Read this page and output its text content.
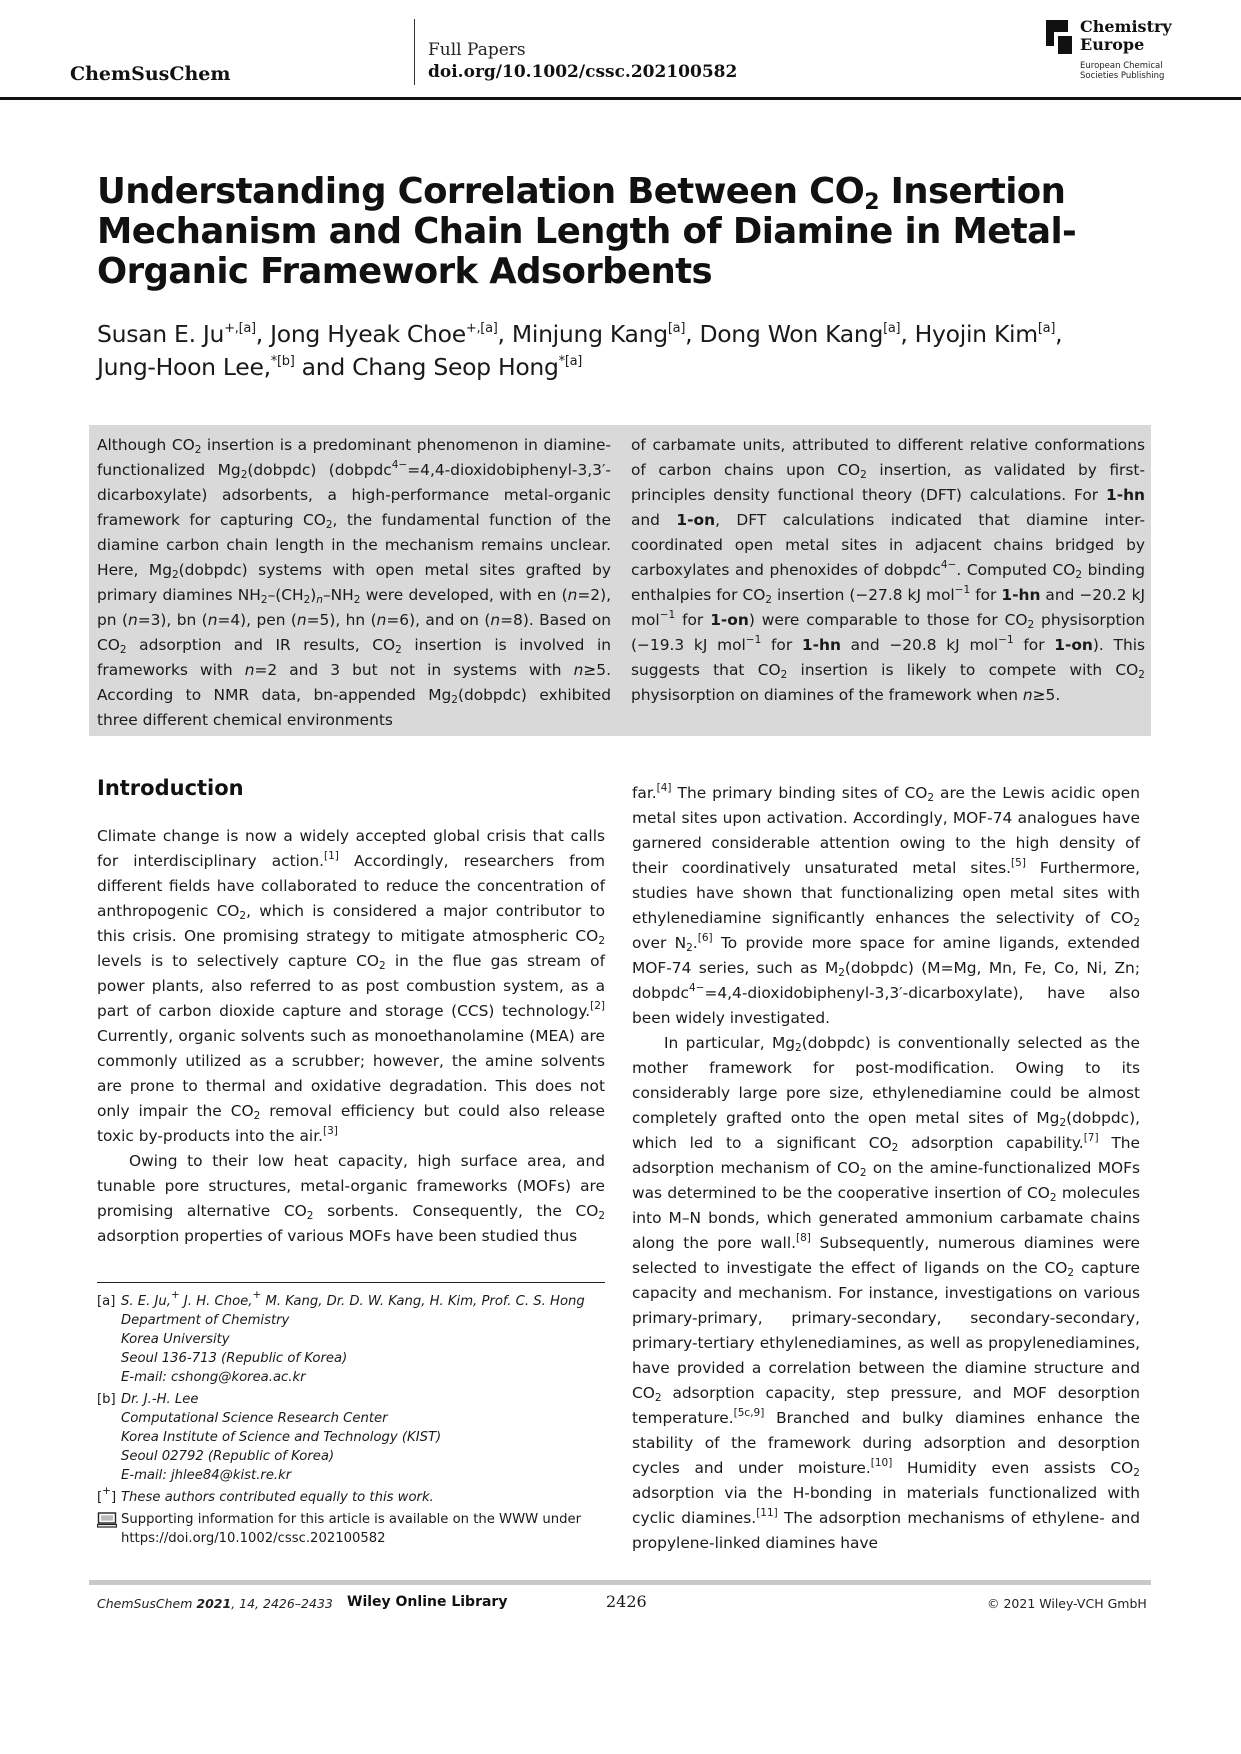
ChemSusChem
Full Papers
doi.org/10.1002/cssc.202100582
Chemistry
Europe
European Chemical
Societies Publishing
Understanding Correlation Between $CO_2$ Insertion Mechanism and Chain Length of Diamine in Metal-Organic Framework Adsorbents
Susan E. $Ju^{+,[a]}$, Jong Hyeak Choe$^{+,[a]}$, Minjung Kang[a], Dong Won Kang[a], Hyojin Kim[a],
Jung-Hoon Lee,$^{*[b]}$ and Chang Seop Hong$^{*[a]}$
Although $CO_2$ insertion is a predominant phenomenon in diamine-functionalized $Mg_2(dobpdc)$ (dobpdc$^{4-}$=4,4-dioxidobiphenyl-3,3′-dicarboxylate) adsorbents, a high-performance metal-organic framework for capturing $CO_2$, the fundamental function of the diamine carbon chain length in the mechanism remains unclear. Here, $Mg_2(dobpdc)$ systems with open metal sites grafted by primary diamines $NH_2-(CH_2)_n-NH_2$ were developed, with en (n=2), pn (n=3), bn (n=4), pen (n=5), hn (n=6), and on (n=8). Based on $CO_2$ adsorption and IR results, $CO_2$ insertion is involved in frameworks with n=2 and 3 but not in systems with n≥5. According to NMR data, bn-appended $Mg_2(dobpdc)$ exhibited three different chemical environments
of carbamate units, attributed to different relative conformations of carbon chains upon $CO_2$ insertion, as validated by first-principles density functional theory (DFT) calculations. For 1-hn and 1-on, DFT calculations indicated that diamine inter-coordinated open metal sites in adjacent chains bridged by carboxylates and phenoxides of dobpdc$^{4-}$. Computed $CO_2$ binding enthalpies for $CO_2$ insertion (−27.8 kJ mol$^{-1}$ for 1-hn and −20.2 kJ mol$^{-1}$ for 1-on) were comparable to those for $CO_2$ physisorption (−19.3 kJ mol$^{-1}$ for 1-hn and −20.8 kJ mol$^{-1}$ for 1-on). This suggests that $CO_2$ insertion is likely to compete with $CO_2$ physisorption on diamines of the framework when n≥5.
Introduction

Climate change is now a widely accepted global crisis that calls for interdisciplinary action.[1] Accordingly, researchers from different fields have collaborated to reduce the concentration of anthropogenic $CO_2$, which is considered a major contributor to this crisis. One promising strategy to mitigate atmospheric $CO_2$ levels is to selectively capture $CO_2$ in the flue gas stream of power plants, also referred to as post combustion system, as a part of carbon dioxide capture and storage (CCS) technology.[2] Currently, organic solvents such as monoethanolamine (MEA) are commonly utilized as a scrubber; however, the amine solvents are prone to thermal and oxidative degradation. This does not only impair the $CO_2$ removal efficiency but could also release toxic by-products into the air.[3]

Owing to their low heat capacity, high surface area, and tunable pore structures, metal-organic frameworks (MOFs) are promising alternative $CO_2$ sorbents. Consequently, the $CO_2$ adsorption properties of various MOFs have been studied thus

far.[4] The primary binding sites of $CO_2$ are the Lewis acidic open metal sites upon activation. Accordingly, MOF-74 analogues have garnered considerable attention owing to the high density of their coordinatively unsaturated metal sites.[5] Furthermore, studies have shown that functionalizing open metal sites with ethylenediamine significantly enhances the selectivity of $CO_2$ over $N_2.[6]$ To provide more space for amine ligands, extended MOF-74 series, such as $M_2(dobpdc)$ (M=Mg, Mn, Fe, Co, Ni, Zn; dobpdc$^{4-}$=4,4-dioxidobiphenyl-3,3′-dicarboxylate), have also been widely investigated.

In particular, $Mg_2(dobpdc)$ is conventionally selected as the mother framework for post-modification. Owing to its considerably large pore size, ethylenediamine could be almost completely grafted onto the open metal sites of $Mg_2(dobpdc)$, which led to a significant $CO_2$ adsorption capability.[7] The adsorption mechanism of $CO_2$ on the amine-functionalized MOFs was determined to be the cooperative insertion of $CO_2$ molecules into M–N bonds, which generated ammonium carbamate chains along the pore wall.[8] Subsequently, numerous diamines were selected to investigate the effect of ligands on the $CO_2$ capture capacity and mechanism. For instance, investigations on various primary-primary, primary-secondary, secondary-secondary, primary-tertiary ethylenediamines, as well as propylenediamines, have provided a correlation between the diamine structure and $CO_2$ adsorption capacity, step pressure, and MOF desorption temperature.[5c,9] Branched and bulky diamines enhance the stability of the framework during adsorption and desorption cycles and under moisture.[10] Humidity even assists $CO_2$ adsorption via the H-bonding in materials functionalized with cyclic diamines.[11] The adsorption mechanisms of ethylene- and propylene-linked diamines have

[a] S. E. Ju,+ J. H. Choe,+ M. Kang, Dr. D. W. Kang, H. Kim, Prof. C. S. Hong
Department of Chemistry
Korea University
Seoul 136-713 (Republic of Korea)
E-mail: cshong@korea.ac.kr
[b] Dr. J.-H. Lee
Computational Science Research Center
Korea Institute of Science and Technology (KIST)
Seoul 02792 (Republic of Korea)
E-mail: jhlee84@kist.re.kr
[+] These authors contributed equally to this work.
Supporting information for this article is available on the WWW under https://doi.org/10.1002/cssc.202100582
ChemSusChem 2021, 14, 2426–2433 Wiley Online Library	2426	© 2021 Wiley-VCH GmbH
